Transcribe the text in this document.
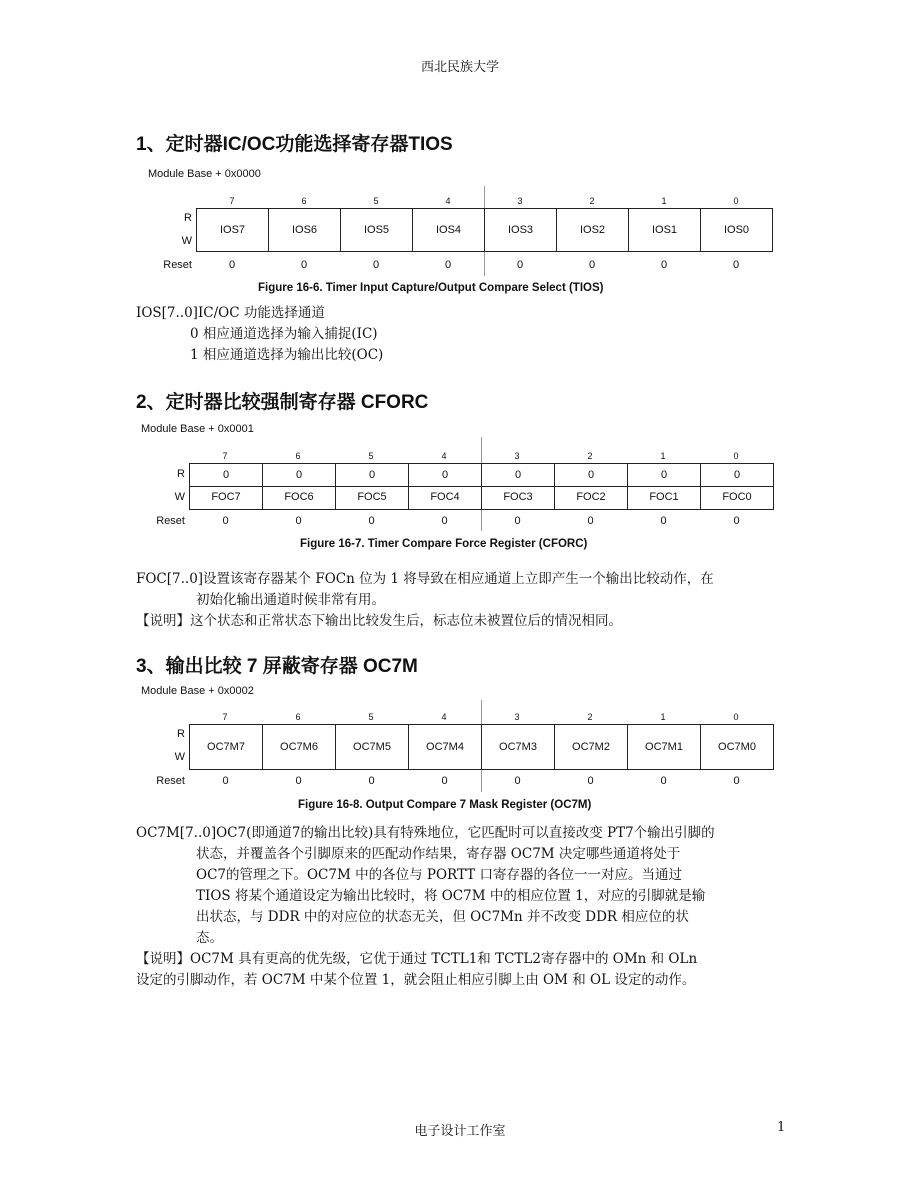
西北民族大学
1、定时器IC/OC功能选择寄存器TIOS
Module Base + 0x0000
7	6	5	4	3	2	1	0
R
W
IOS7	IOS6	IOS5	IOS4	IOS3	IOS2	IOS1	IOS0
Reset	0	0	0	0	0	0	0	0
Figure 16-6. Timer Input Capture/Output Compare Select (TIOS)
IOS[7..0]IC/OC 功能选择通道
0 相应通道选择为输入捕捉(IC)
1 相应通道选择为输出比较(OC)
2、定时器比较强制寄存器 CFORC
Module Base + 0x0001
7	6	5	4	3	2	1	0
R	0	0	0	0	0	0	0	0
W	FOC7	FOC6	FOC5	FOC4	FOC3	FOC2	FOC1	FOC0
Reset	0	0	0	0	0	0	0	0
Figure 16-7. Timer Compare Force Register (CFORC)
FOC[7..0]设置该寄存器某个 FOCn 位为 1 将导致在相应通道上立即产生一个输出比较动作，在
初始化输出通道时候非常有用。
【说明】这个状态和正常状态下输出比较发生后，标志位未被置位后的情况相同。
3、输出比较 7 屏蔽寄存器 OC7M
Module Base + 0x0002
7	6	5	4	3	2	1	0
R
W
OC7M7	OC7M6	OC7M5	OC7M4	OC7M3	OC7M2	OC7M1	OC7M0
Reset	0	0	0	0	0	0	0	0
Figure 16-8. Output Compare 7 Mask Register (OC7M)
OC7M[7..0]OC7(即通道7的输出比较)具有特殊地位，它匹配时可以直接改变 PT7个输出引脚的
状态，并覆盖各个引脚原来的匹配动作结果，寄存器 OC7M 决定哪些通道将处于
OC7的管理之下。OC7M 中的各位与 PORTT 口寄存器的各位一一对应。当通过
TIOS 将某个通道设定为输出比较时，将 OC7M 中的相应位置 1，对应的引脚就是输
出状态，与 DDR 中的对应位的状态无关，但 OC7Mn 并不改变 DDR 相应位的状
态。
【说明】OC7M 具有更高的优先级，它优于通过 TCTL1和 TCTL2寄存器中的 OMn 和 OLn
设定的引脚动作，若 OC7M 中某个位置 1，就会阻止相应引脚上由 OM 和 OL 设定的动作。
电子设计工作室	1
